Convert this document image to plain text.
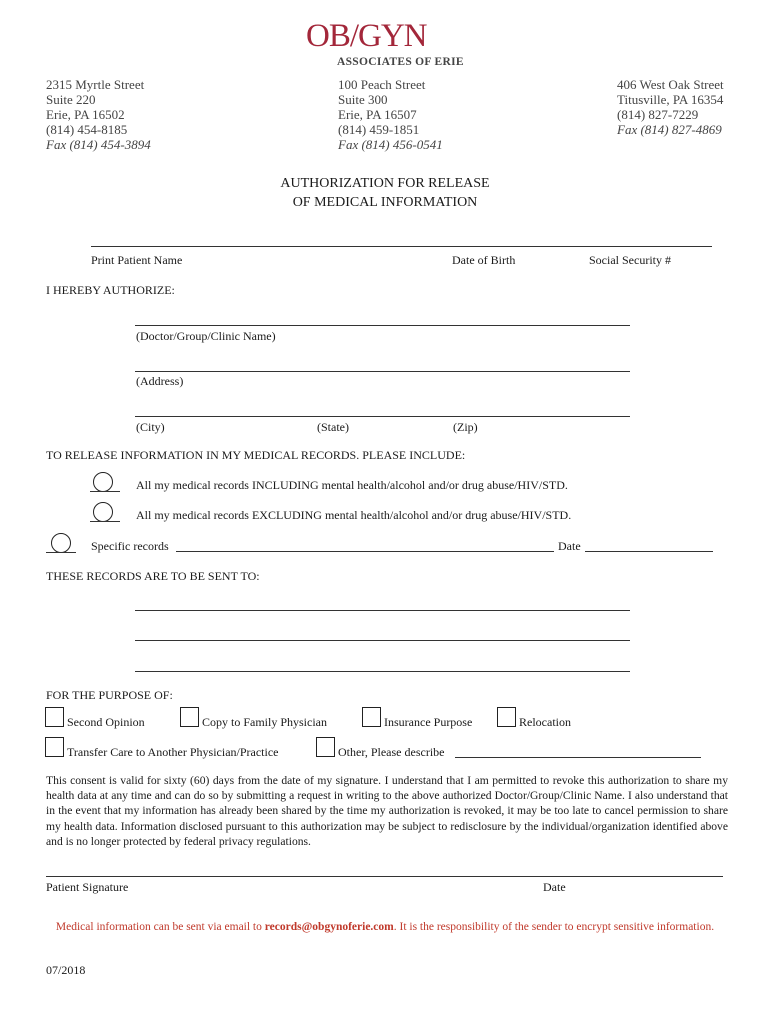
OB/GYN
ASSOCIATES OF ERIE
2315 Myrtle Street
Suite 220
Erie, PA 16502
(814) 454-8185
Fax (814) 454-3894
100 Peach Street
Suite 300
Erie, PA 16507
(814) 459-1851
Fax (814) 456-0541
406 West Oak Street
Titusville, PA 16354
(814) 827-7229
Fax (814) 827-4869
AUTHORIZATION FOR RELEASE
OF MEDICAL INFORMATION
Print Patient Name	Date of Birth	Social Security #
I HEREBY AUTHORIZE:
(Doctor/Group/Clinic Name)
(Address)
(City)	(State)	(Zip)
TO RELEASE INFORMATION IN MY MEDICAL RECORDS. PLEASE INCLUDE:
All my medical records INCLUDING mental health/alcohol and/or drug abuse/HIV/STD.
All my medical records EXCLUDING mental health/alcohol and/or drug abuse/HIV/STD.
Specific records	Date
THESE RECORDS ARE TO BE SENT TO:
FOR THE PURPOSE OF:
Second Opinion	Copy to Family Physician	Insurance Purpose	Relocation
Transfer Care to Another Physician/Practice	Other, Please describe
This consent is valid for sixty (60) days from the date of my signature. I understand that I am permitted to revoke this authorization to share my health data at any time and can do so by submitting a request in writing to the above authorized Doctor/Group/Clinic Name. I also understand that in the event that my information has already been shared by the time my authorization is revoked, it may be too late to cancel permission to share my health data. Information disclosed pursuant to this authorization may be subject to redisclosure by the individual/organization identified above and is no longer protected by federal privacy regulations.
Patient Signature	Date
Medical information can be sent via email to records@obgynoferie.com. It is the responsibility of the sender to encrypt sensitive information.
07/2018
